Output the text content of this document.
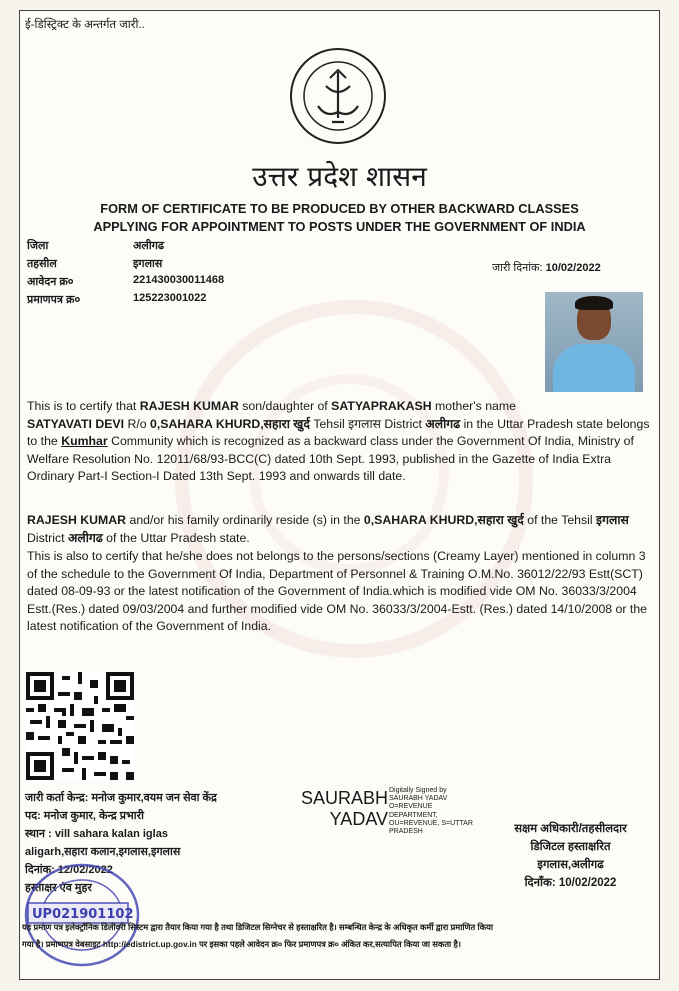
ई-डिस्ट्रिक्ट के अन्तर्गत जारी..
उत्तर प्रदेश शासन
FORM OF CERTIFICATE TO BE PRODUCED BY OTHER BACKWARD CLASSES
APPLYING FOR APPOINTMENT TO POSTS UNDER THE GOVERNMENT OF INDIA
जिला	अलीगढ
तहसील	इगलास
आवेदन क्र०	221430030011468
प्रमाणपत्र क्र०	125223001022
जारी दिनांक: 10/02/2022
This is to certify that RAJESH KUMAR son/daughter of SATYAPRAKASH mother's name
SATYAVATI DEVI R/o 0,SAHARA KHURD,सहारा खुर्द Tehsil इगलास District अलीगढ in the Uttar Pradesh state belongs to the Kumhar Community which is recognized as a backward class under the Government Of India, Ministry of Welfare Resolution No. 12011/68/93-BCC(C) dated 10th Sept. 1993, published in the Gazette of India Extra Ordinary Part-I Section-I Dated 13th Sept. 1993 and onwards till date.
RAJESH KUMAR and/or his family ordinarily reside (s) in the 0,SAHARA KHURD,सहारा खुर्द of the Tehsil इगलास District अलीगढ of the Uttar Pradesh state.
This is also to certify that he/she does not belongs to the persons/sections (Creamy Layer) mentioned in column 3 of the schedule to the Government Of India, Department of Personnel & Training O.M.No. 36012/22/93 Estt(SCT) dated 08-09-93 or the latest notification of the Government of India.which is modified vide OM No. 36033/3/2004 Estt.(Res.) dated 09/03/2004 and further modified vide OM No. 36033/3/2004-Estt. (Res.) dated 14/10/2008 or the latest notification of the Government of India.
जारी कर्ता केन्द्र: मनोज कुमार,वयम जन सेवा केंद्र
पद: मनोज कुमार, केन्द्र प्रभारी
स्थान : vill sahara kalan iglas
aligarh,सहारा कलान,इगलास,इगलास
दिनांक: 12/02/2022
हस्ताक्षर एंव मुहर
UP021901102
SAURABH
YADAV
Digitally Signed by
SAURABH YADAV
O=REVENUE
DEPARTMENT,
OU=REVENUE, S=UTTAR
PRADESH	सक्षम अधिकारी/तहसीलदार
डिजिटल हस्ताक्षरित
इगलास,अलीगढ
दिनाँक: 10/02/2022
यह प्रमाण पत्र इलेक्ट्रॉनिक डिलीवरी सिस्टम द्वारा तैयार किया गया है तथा डिजिटल सिग्नेचर से हस्ताक्षरित है। सम्बन्धित केन्द्र के अधिकृत कर्मी द्वारा प्रमाणित किया
गया है। प्रमाणपत्र वेबसाइट http://edistrict.up.gov.in पर इसका पहले आवेदन क्र० फिर प्रमाणपत्र क्र० अंकित कर,सत्यापित किया जा सकता है।
